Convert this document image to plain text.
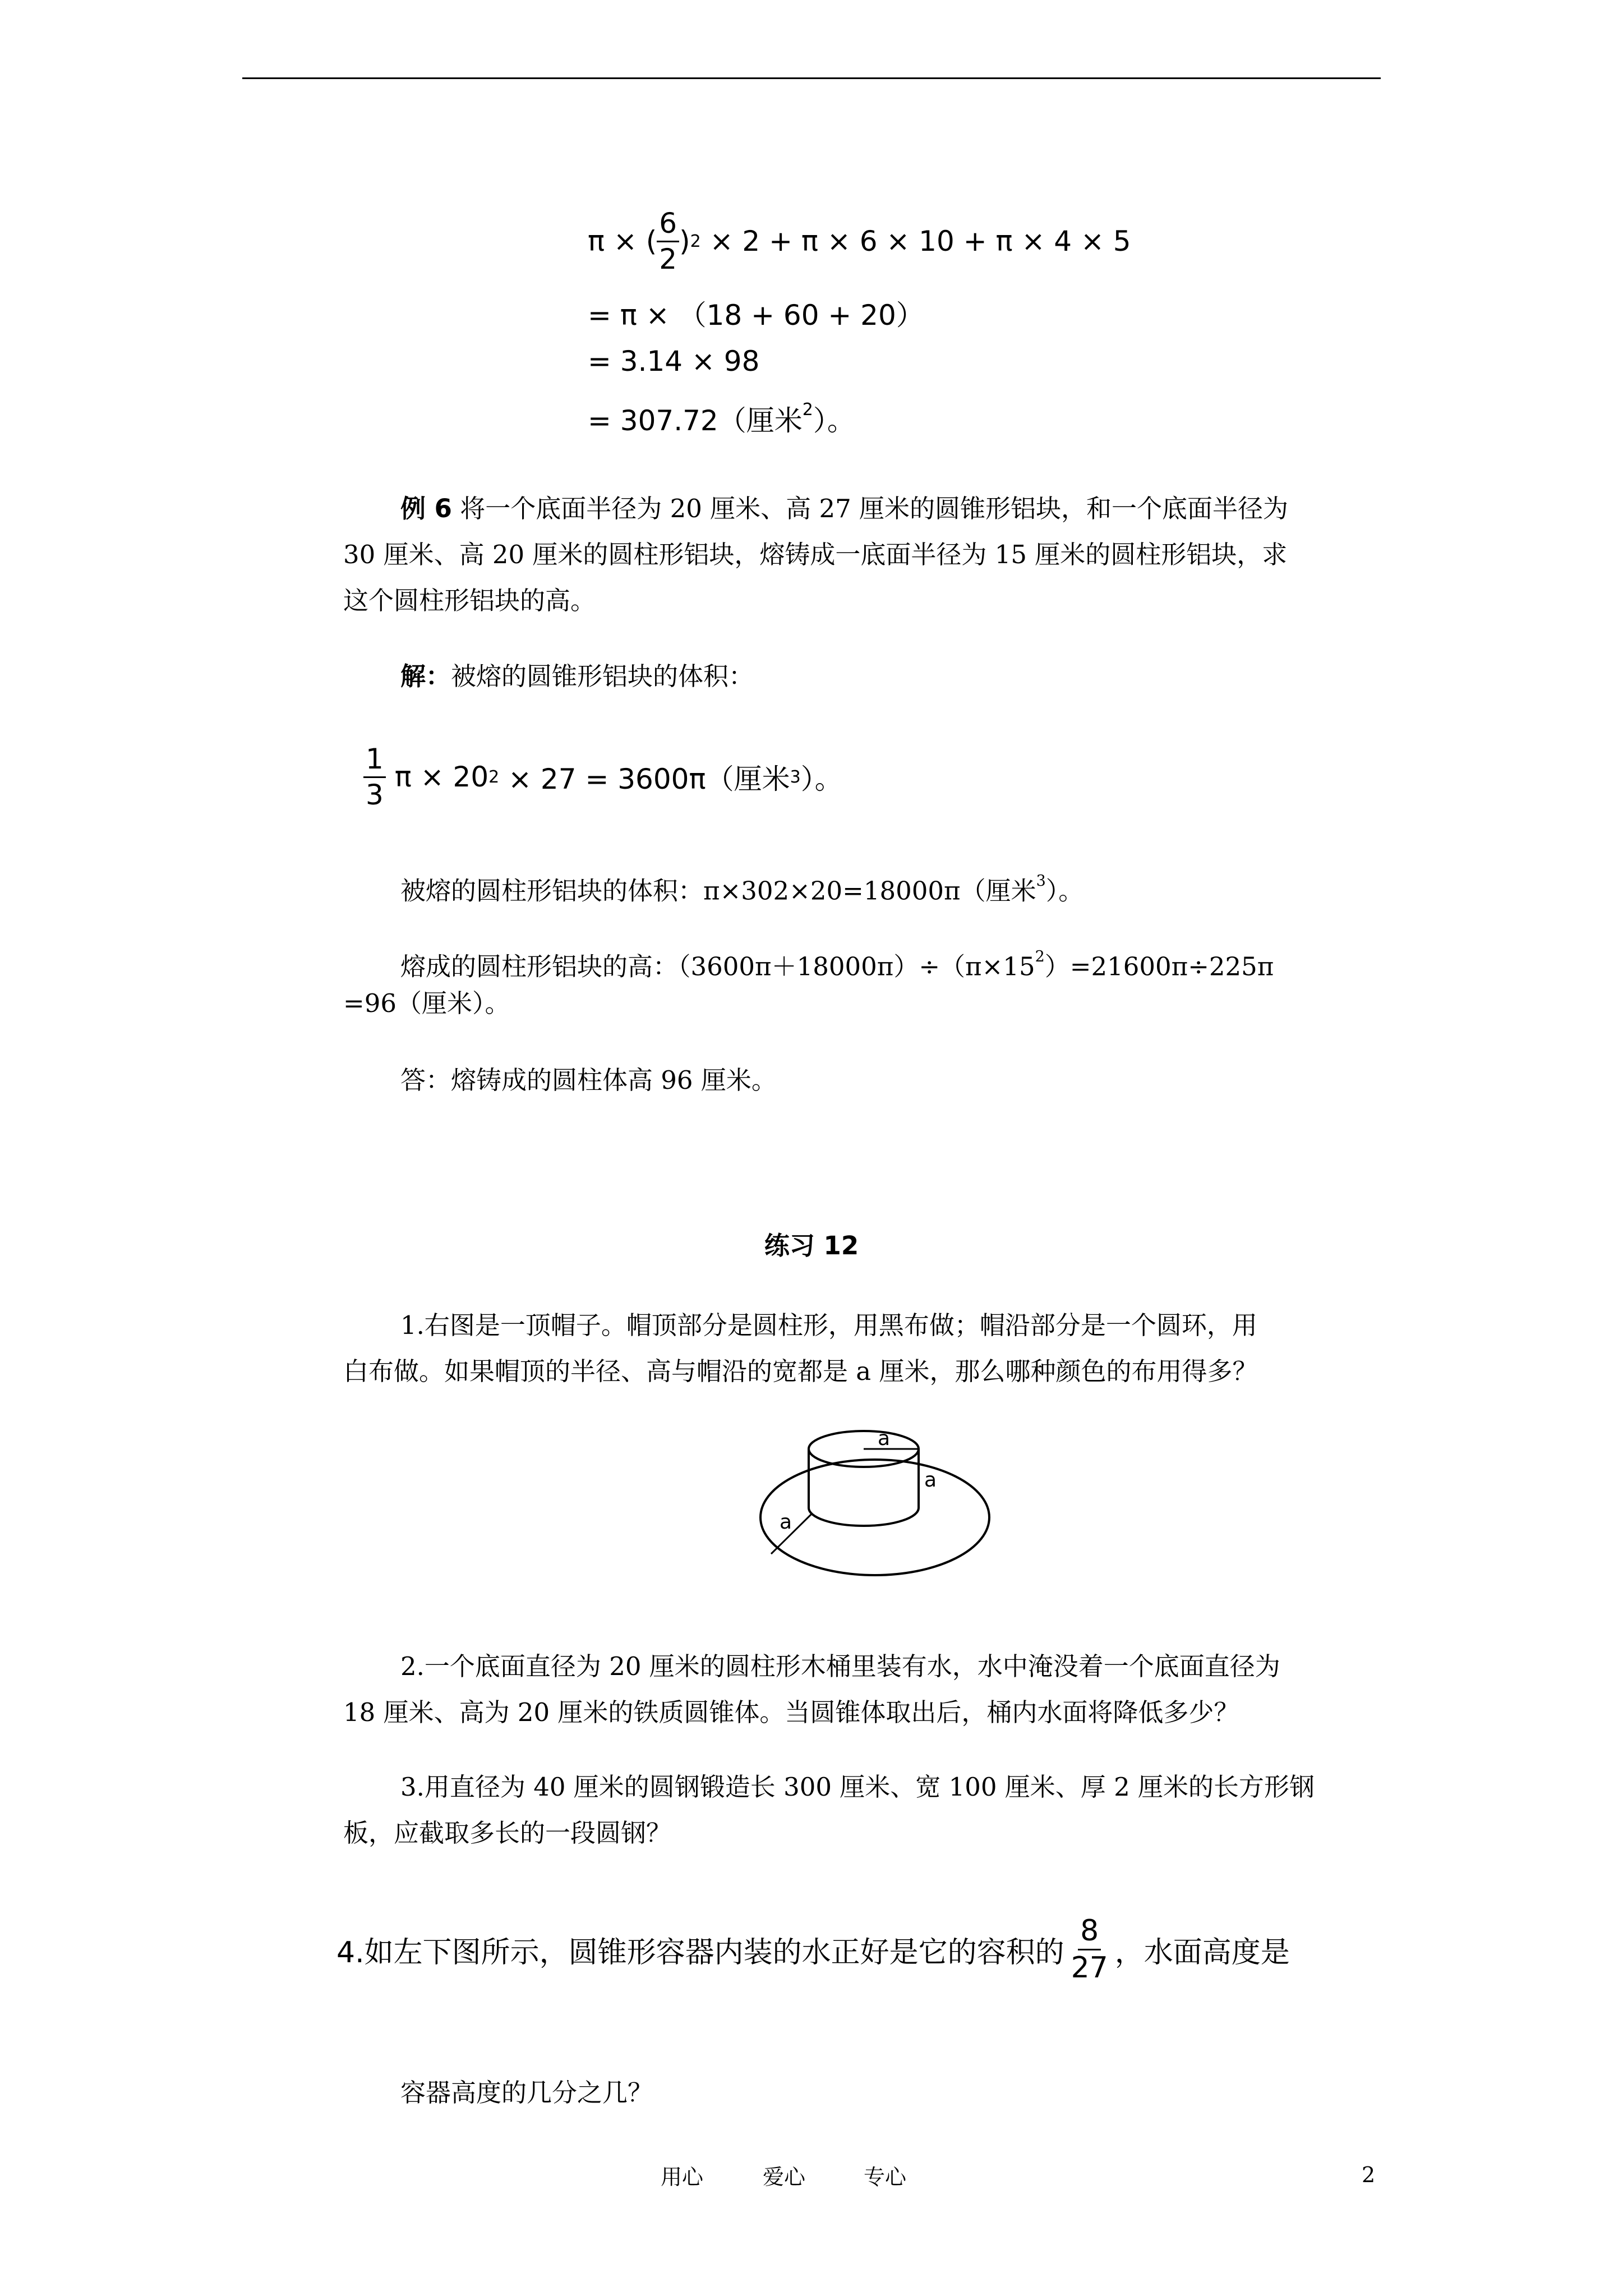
π × ( $\frac{6}{2}$ ) 2
× 2 + π × 6 × 10 + π × 4 × 5
= π × （18 + 60 + 20）
= 3.14 × 98
= 307.72（厘米$^2$）。
例 6 将一个底面半径为 20 厘米、高 27 厘米的圆锥形铝块，和一个底面半径为
30 厘米、高 20 厘米的圆柱形铝块，熔铸成一底面半径为 15 厘米的圆柱形铝块，求
这个圆柱形铝块的高。
解：被熔的圆锥形铝块的体积：
$\frac{1}{3}$
π × 20 2
× 27 = 3600π（厘米 3 ）。
被熔的圆柱形铝块的体积：π×302×20=18000π（厘米$^3$）。
熔成的圆柱形铝块的高：$(3600\pi+18000\pi)\div(\pi\times 15^2)=21600\pi\div 225\pi$
=96（厘米）。
答：熔铸成的圆柱体高 96 厘米。
练习 12
1.右图是一顶帽子。帽顶部分是圆柱形，用黑布做；帽沿部分是一个圆环，用
白布做。如果帽顶的半径、高与帽沿的宽都是 a 厘米，那么哪种颜色的布用得多？
a
a
a
2.一个底面直径为 20 厘米的圆柱形木桶里装有水，水中淹没着一个底面直径为
18 厘米、高为 20 厘米的铁质圆锥体。当圆锥体取出后，桶内水面将降低多少？
3.用直径为 40 厘米的圆钢锻造长 300 厘米、宽 100 厘米、厚 2 厘米的长方形钢
板，应截取多长的一段圆钢？
4.如左下图所示，圆锥形容器内装的水正好是它的容积的 $\frac{8}{27}$ ，水面高度是
容器高度的几分之几？
用心	爱心	专心	2
